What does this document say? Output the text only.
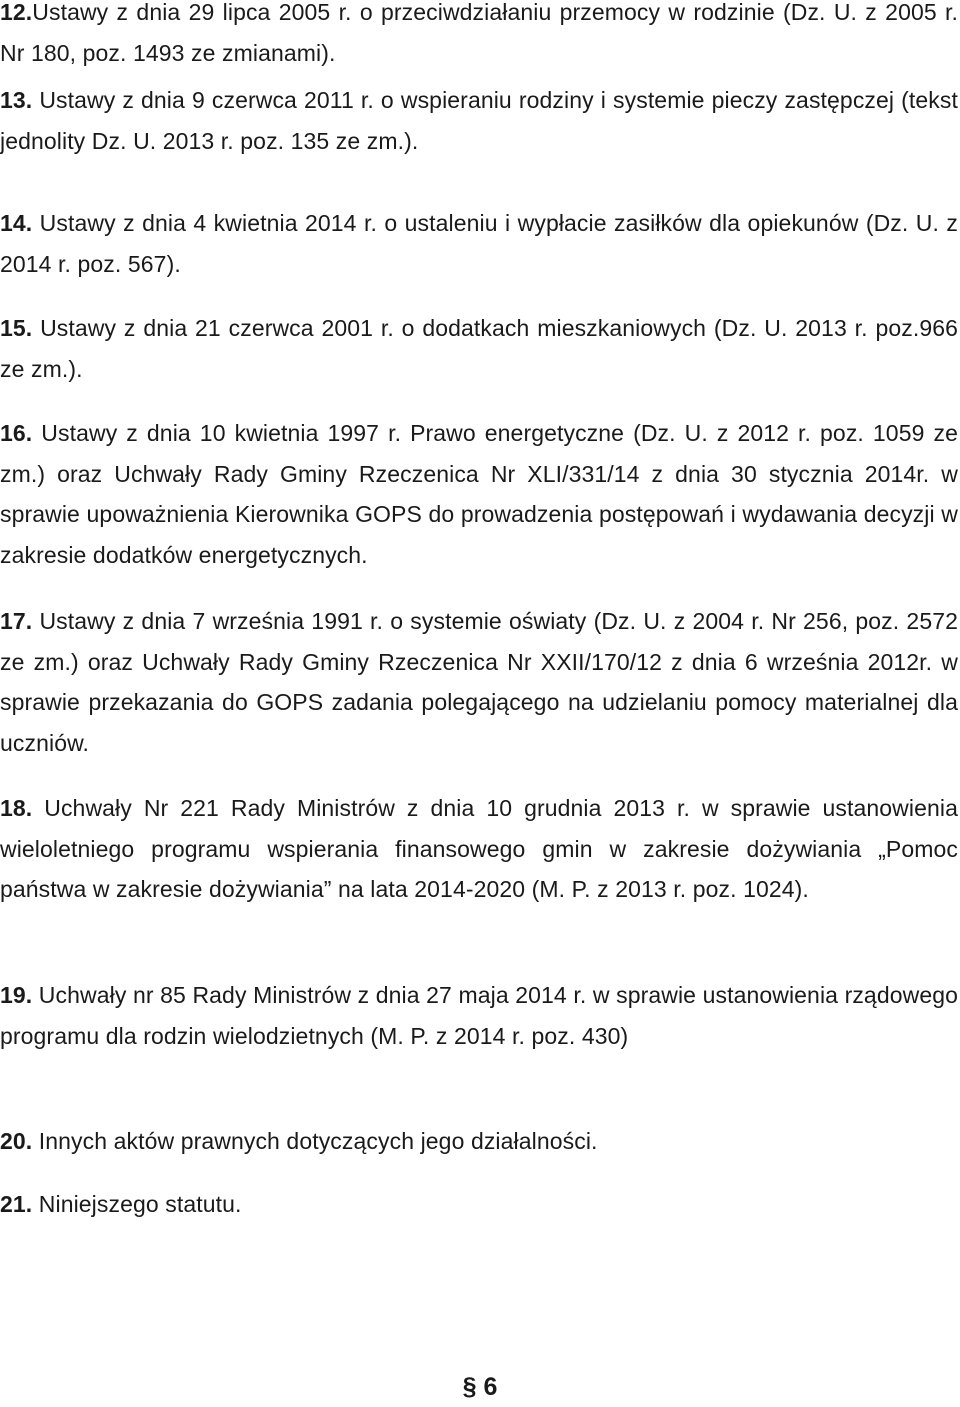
12.Ustawy z dnia 29 lipca 2005 r. o przeciwdziałaniu przemocy w rodzinie (Dz. U. z 2005 r. Nr 180, poz. 1493 ze zmianami).

13. Ustawy z dnia 9 czerwca 2011 r. o wspieraniu rodziny i systemie pieczy zastępczej (tekst jednolity Dz. U. 2013 r. poz. 135 ze zm.).

14. Ustawy z dnia 4 kwietnia 2014 r. o ustaleniu i wypłacie zasiłków dla opiekunów (Dz. U. z 2014 r. poz. 567).

15. Ustawy z dnia 21 czerwca 2001 r. o dodatkach mieszkaniowych (Dz. U. 2013 r. poz.966 ze zm.).

16. Ustawy z dnia 10 kwietnia 1997 r. Prawo energetyczne (Dz. U. z 2012 r. poz. 1059 ze zm.) oraz Uchwały Rady Gminy Rzeczenica Nr XLI/331/14 z dnia 30 stycznia 2014r. w sprawie upoważnienia Kierownika GOPS do prowadzenia postępowań i wydawania decyzji w zakresie dodatków energetycznych.

17. Ustawy z dnia 7 września 1991 r. o systemie oświaty (Dz. U. z 2004 r. Nr 256, poz. 2572 ze zm.) oraz Uchwały Rady Gminy Rzeczenica Nr XXII/170/12 z dnia 6 września 2012r. w sprawie przekazania do GOPS zadania polegającego na udzielaniu pomocy materialnej dla uczniów.

18. Uchwały Nr 221 Rady Ministrów z dnia 10 grudnia 2013 r. w sprawie ustanowienia wieloletniego programu wspierania finansowego gmin w zakresie dożywiania „Pomoc państwa w zakresie dożywiania” na lata 2014-2020 (M. P. z 2013 r. poz. 1024).

19. Uchwały nr 85 Rady Ministrów z dnia 27 maja 2014 r. w sprawie ustanowienia rządowego programu dla rodzin wielodzietnych (M. P. z 2014 r. poz. 430)

20. Innych aktów prawnych dotyczących jego działalności.

21. Niniejszego statutu.

§ 6
